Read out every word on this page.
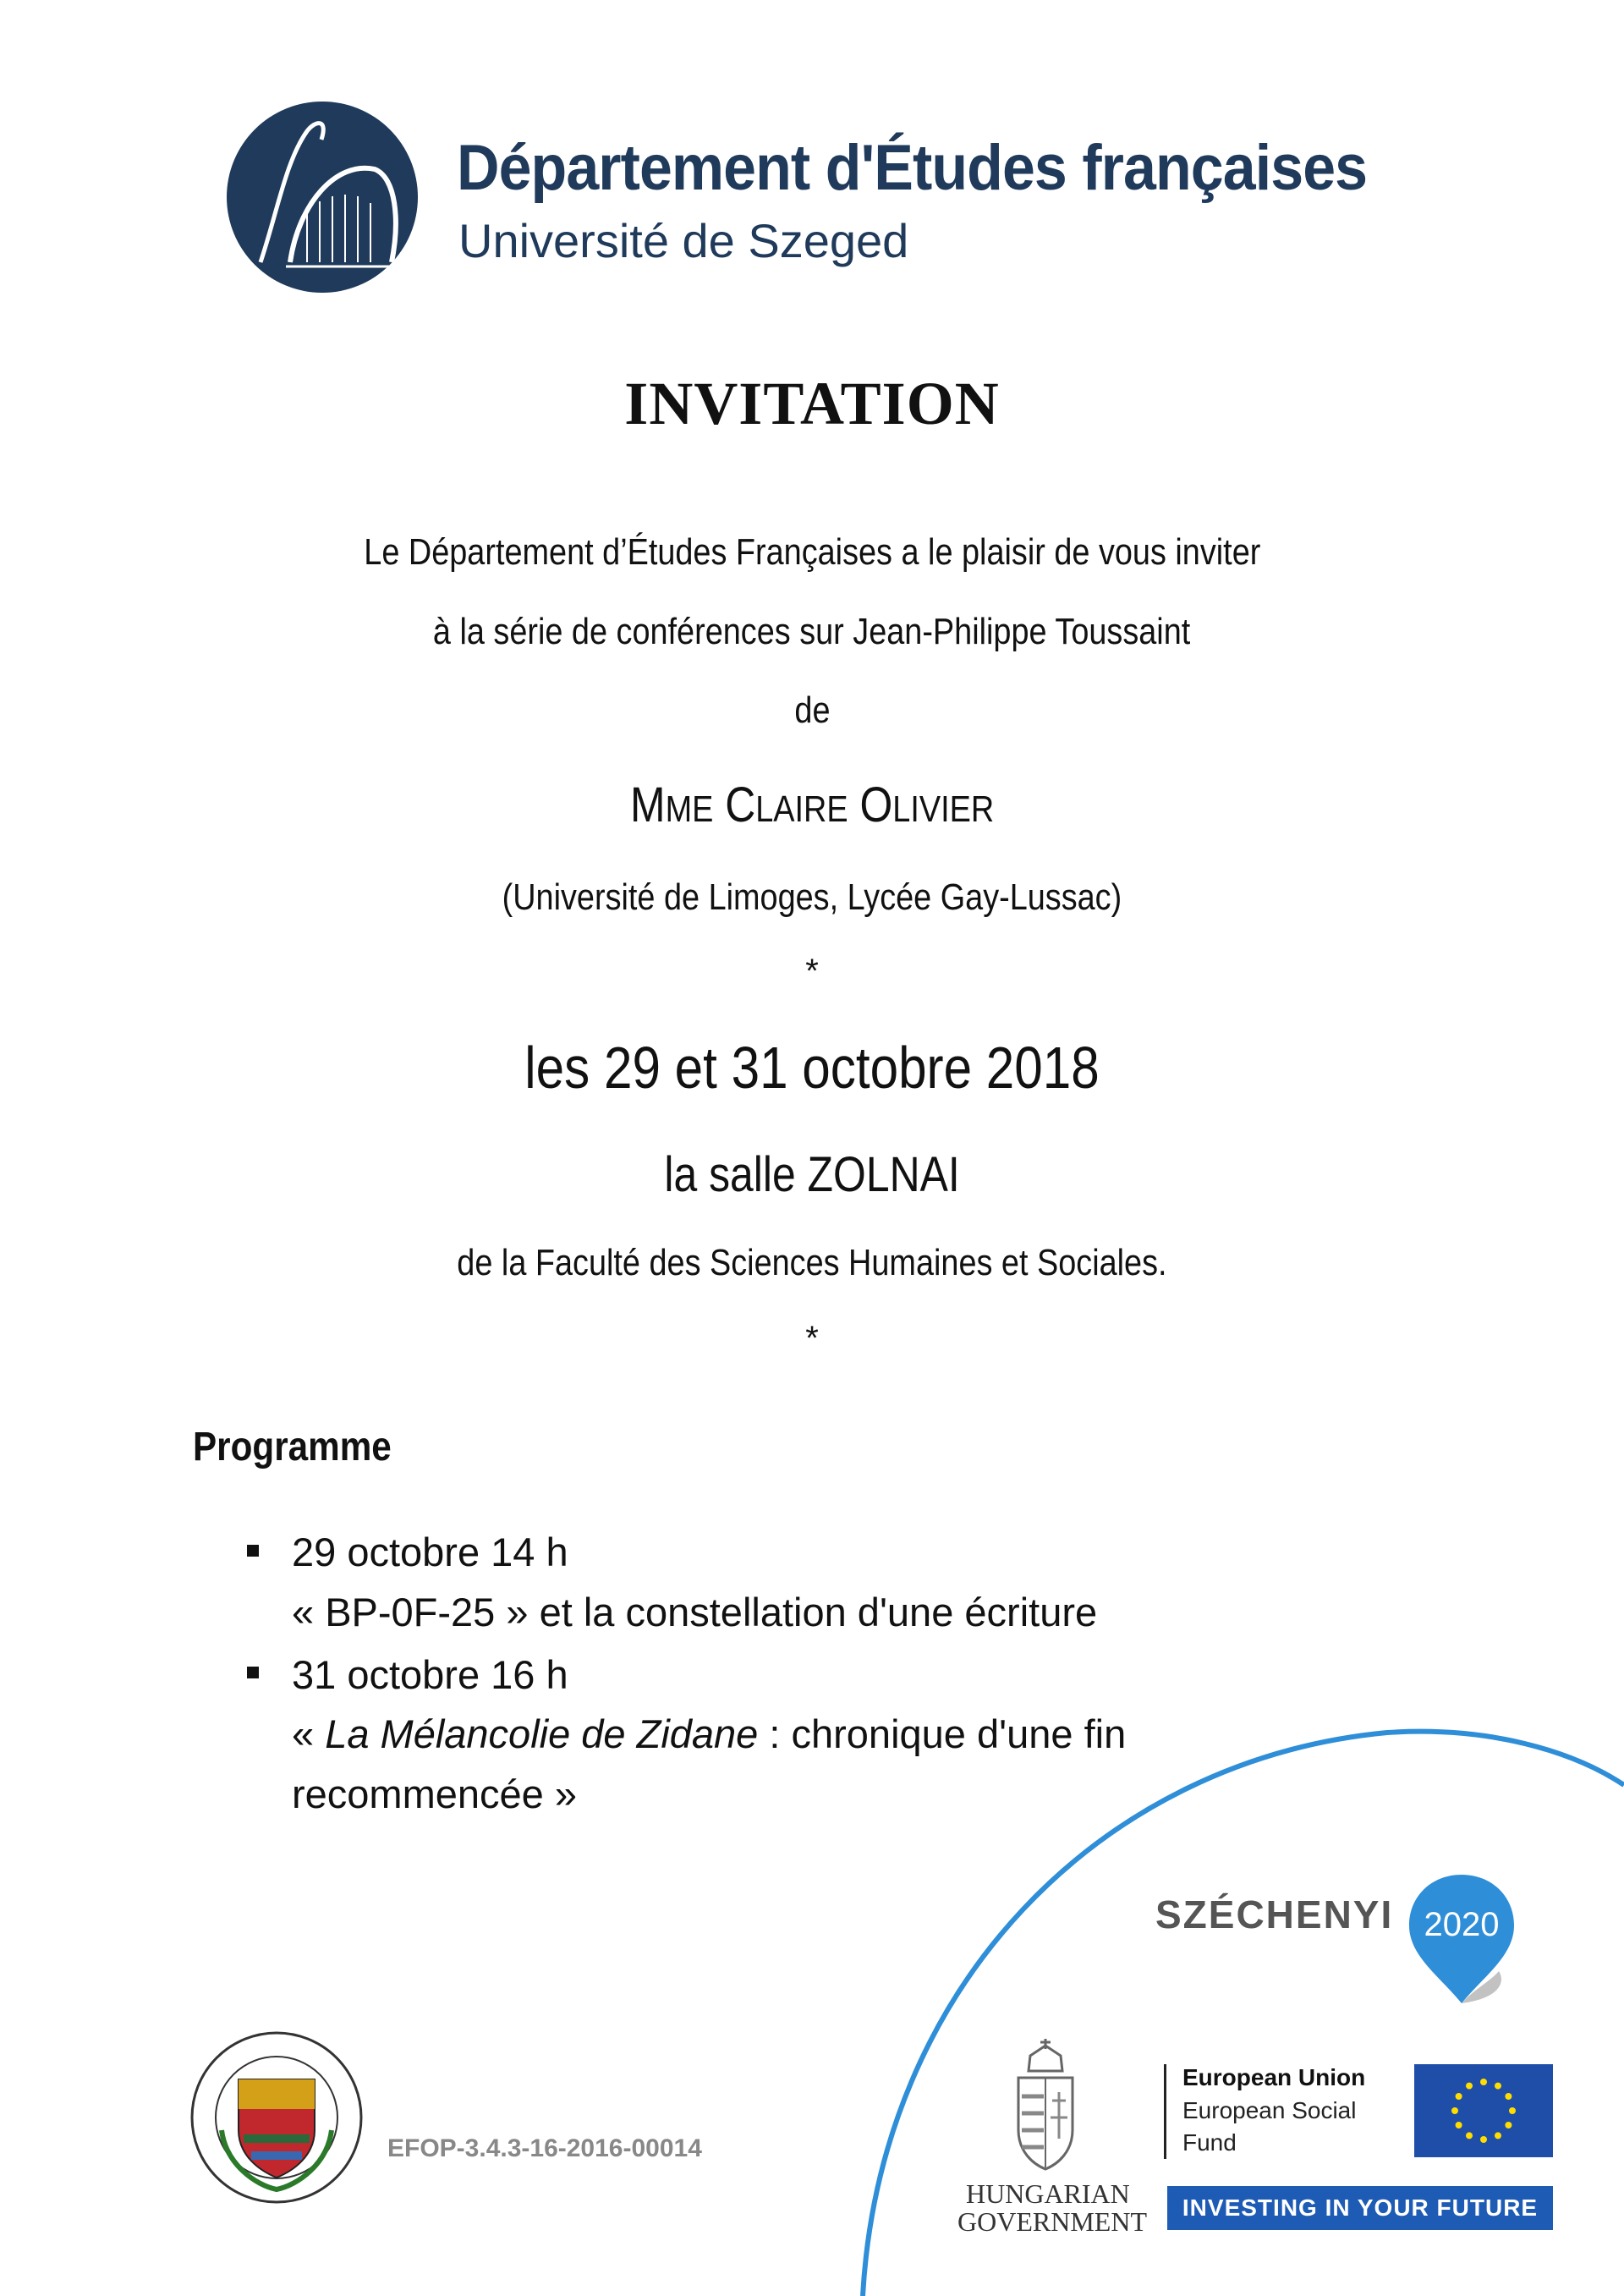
Département d'Études françaises
Université de Szeged
INVITATION
Le Département d’Études Françaises a le plaisir de vous inviter
à la série de conférences sur Jean-Philippe Toussaint
de
MME CLAIRE OLIVIER
(Université de Limoges, Lycée Gay-Lussac)
*
les 29 et 31 octobre 2018
la salle ZOLNAI
de la Faculté des Sciences Humaines et Sociales.
*
Programme
29 octobre 14 h
« BP-0F-25 » et la constellation d'une écriture
31 octobre 16 h
« La Mélancolie de Zidane : chronique d'une fin
recommencée »
SZÉCHENYI 2020
EFOP-3.4.3-16-2016-00014
HUNGARIAN
GOVERNMENT
European Union
European Social
Fund
INVESTING IN YOUR FUTURE
